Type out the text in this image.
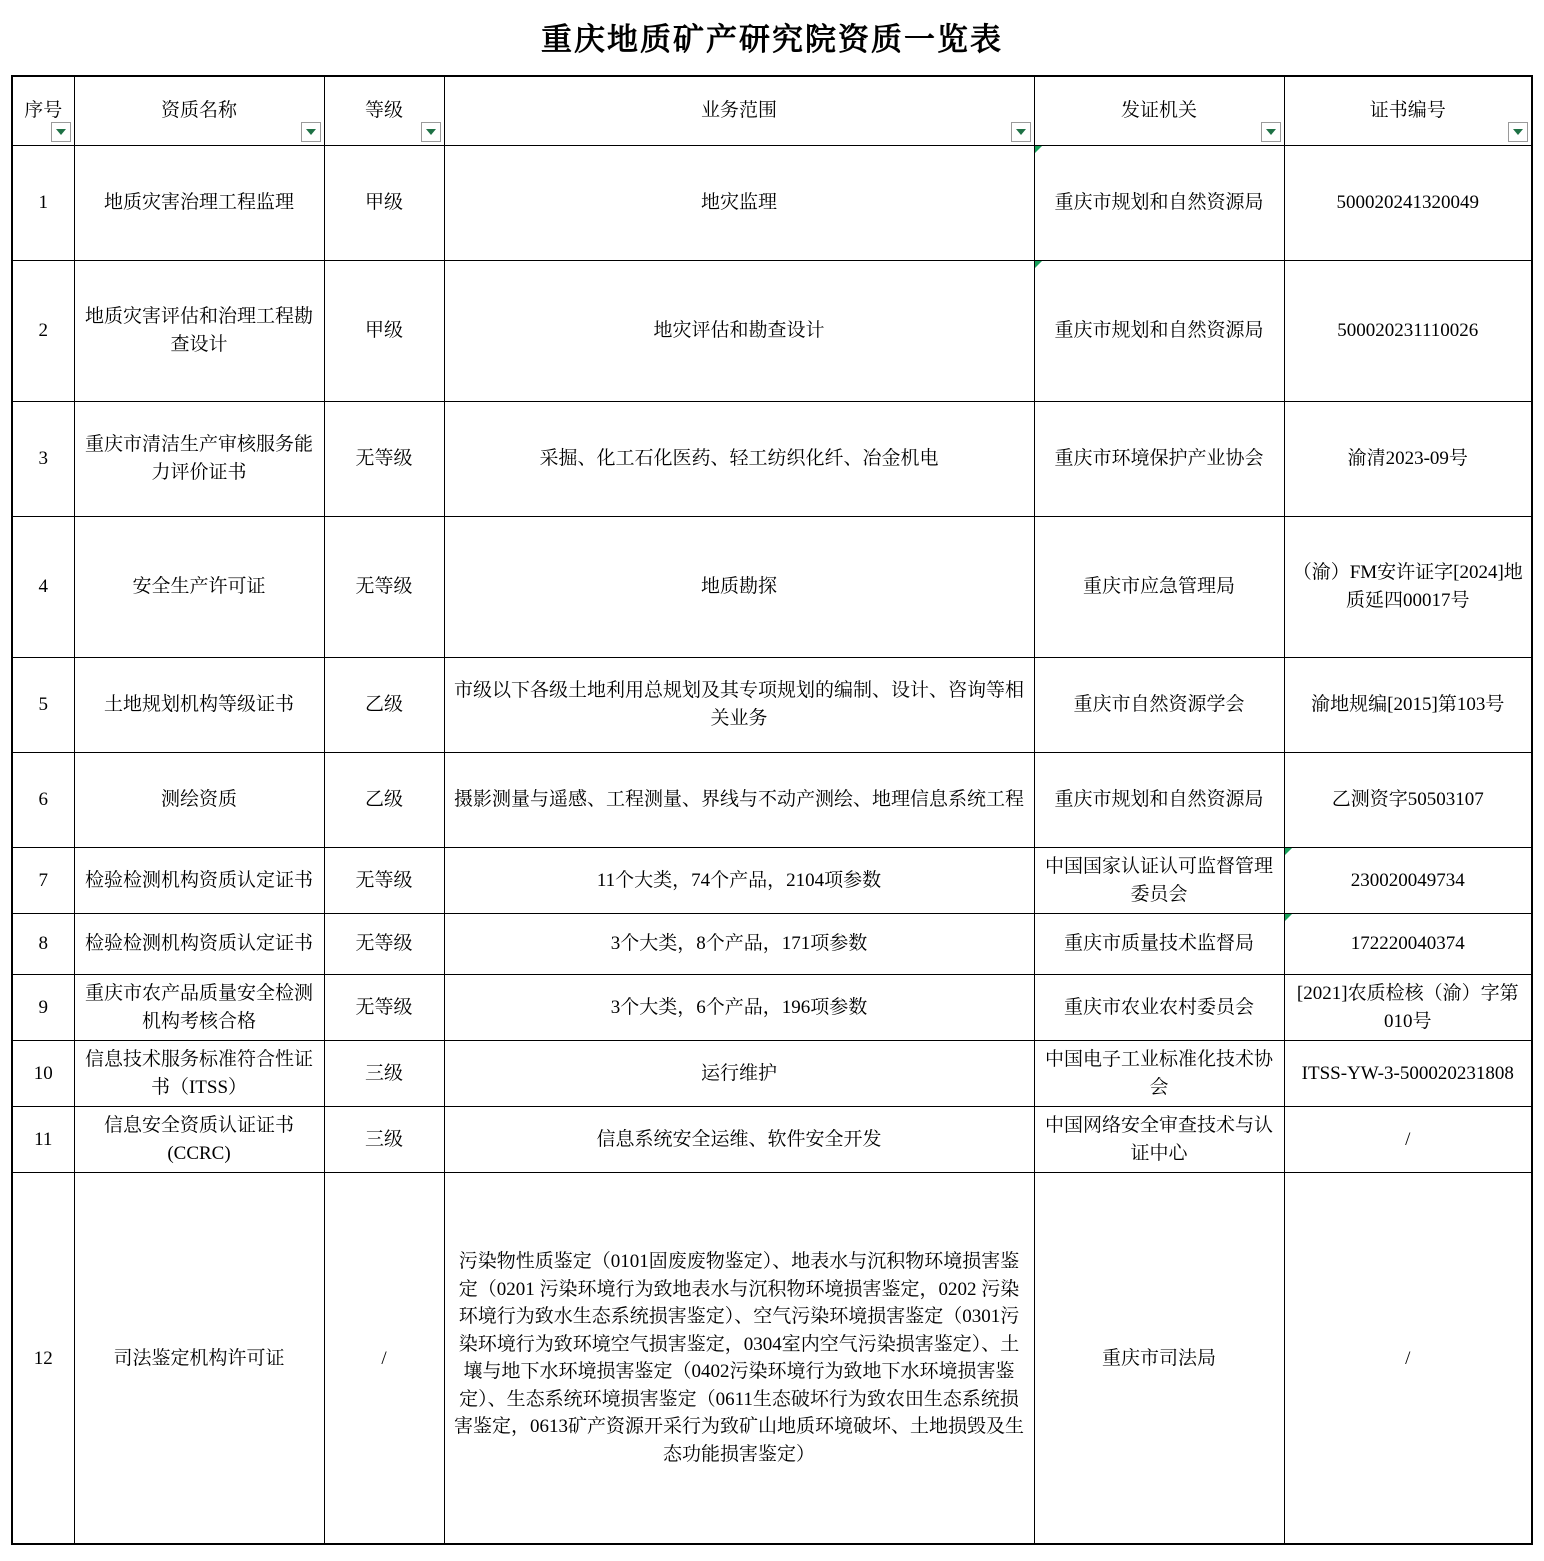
重庆地质矿产研究院资质一览表
序号	资质名称	等级	业务范围	发证机关	证书编号

1	地质灾害治理工程监理	甲级	地灾监理	重庆市规划和自然资源局	500020241320049
2	地质灾害评估和治理工程勘查设计	甲级	地灾评估和勘查设计	重庆市规划和自然资源局	500020231110026
3	重庆市清洁生产审核服务能力评价证书	无等级	采掘、化工石化医药、轻工纺织化纤、冶金机电	重庆市环境保护产业协会	渝清2023-09号
4	安全生产许可证	无等级	地质勘探	重庆市应急管理局	（渝）FM安许证字[2024]地质延四00017号
5	土地规划机构等级证书	乙级	市级以下各级土地利用总规划及其专项规划的编制、设计、咨询等相关业务	重庆市自然资源学会	渝地规编[2015]第103号
6	测绘资质	乙级	摄影测量与遥感、工程测量、界线与不动产测绘、地理信息系统工程	重庆市规划和自然资源局	乙测资字50503107
7	检验检测机构资质认定证书	无等级	11个大类，74个产品，2104项参数	中国国家认证认可监督管理委员会	230020049734
8	检验检测机构资质认定证书	无等级	3个大类，8个产品，171项参数	重庆市质量技术监督局	172220040374
9	重庆市农产品质量安全检测机构考核合格	无等级	3个大类，6个产品，196项参数	重庆市农业农村委员会	[2021]农质检核（渝）字第010号
10	信息技术服务标准符合性证书（ITSS）	三级	运行维护	中国电子工业标准化技术协会	ITSS-YW-3-500020231808
11	信息安全资质认证证书(CCRC)	三级	信息系统安全运维、软件安全开发	中国网络安全审查技术与认证中心	/
12	司法鉴定机构许可证	/	污染物性质鉴定（0101固废废物鉴定）、地表水与沉积物环境损害鉴定（0201 污染环境行为致地表水与沉积物环境损害鉴定，0202 污染环境行为致水生态系统损害鉴定）、空气污染环境损害鉴定（0301污染环境行为致环境空气损害鉴定，0304室内空气污染损害鉴定）、土壤与地下水环境损害鉴定（0402污染环境行为致地下水环境损害鉴定）、生态系统环境损害鉴定（0611生态破坏行为致农田生态系统损害鉴定，0613矿产资源开采行为致矿山地质环境破坏、土地损毁及生态功能损害鉴定）	重庆市司法局	/
